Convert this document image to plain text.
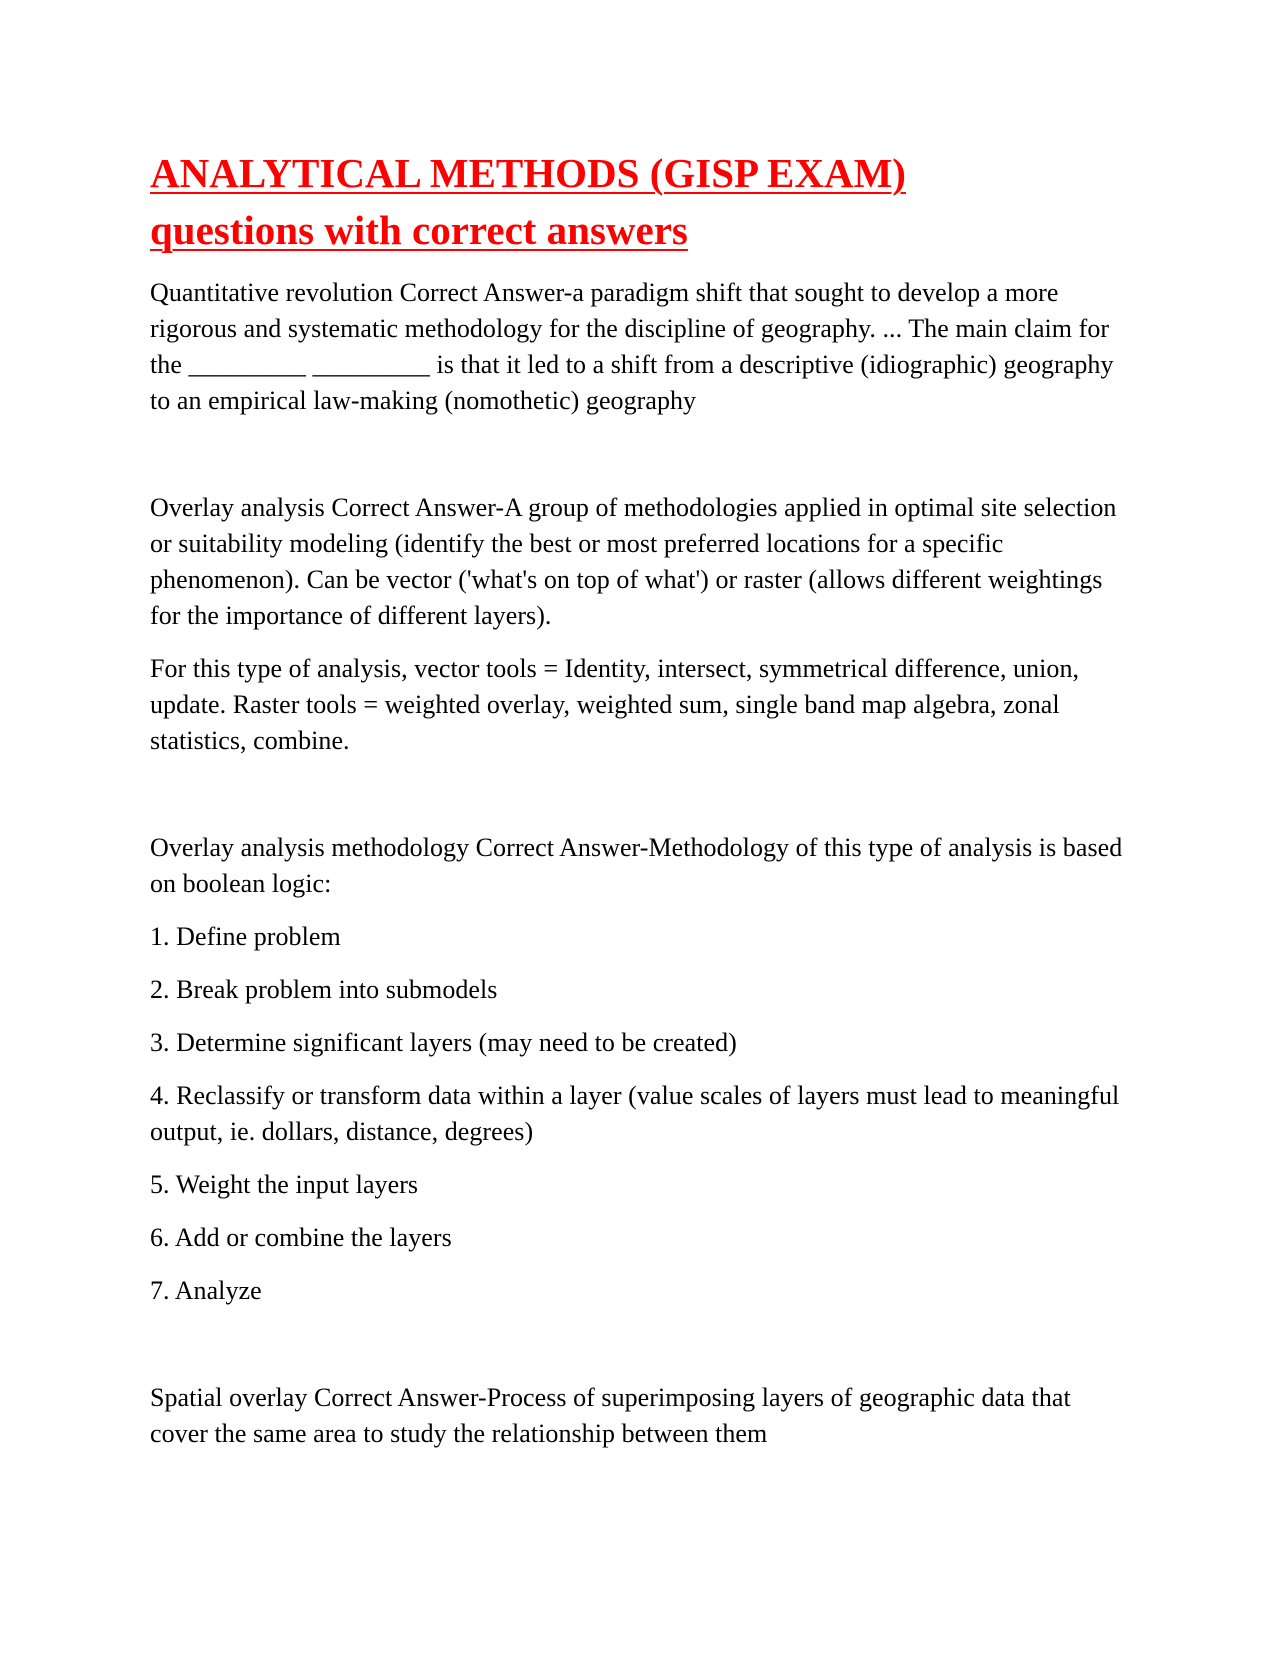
ANALYTICAL METHODS (GISP EXAM)
questions with correct answers

Quantitative revolution Correct Answer-a paradigm shift that sought to develop a more rigorous and systematic methodology for the discipline of geography. ... The main claim for the _________ _________ is that it led to a shift from a descriptive (idiographic) geography to an empirical law-making (nomothetic) geography

Overlay analysis Correct Answer-A group of methodologies applied in optimal site selection or suitability modeling (identify the best or most preferred locations for a specific phenomenon). Can be vector ('what's on top of what') or raster (allows different weightings for the importance of different layers).

For this type of analysis, vector tools = Identity, intersect, symmetrical difference, union, update. Raster tools = weighted overlay, weighted sum, single band map algebra, zonal statistics, combine.

Overlay analysis methodology Correct Answer-Methodology of this type of analysis is based on boolean logic:

1. Define problem

2. Break problem into submodels

3. Determine significant layers (may need to be created)

4. Reclassify or transform data within a layer (value scales of layers must lead to meaningful output, ie. dollars, distance, degrees)

5. Weight the input layers

6. Add or combine the layers

7. Analyze

Spatial overlay Correct Answer-Process of superimposing layers of geographic data that cover the same area to study the relationship between them
